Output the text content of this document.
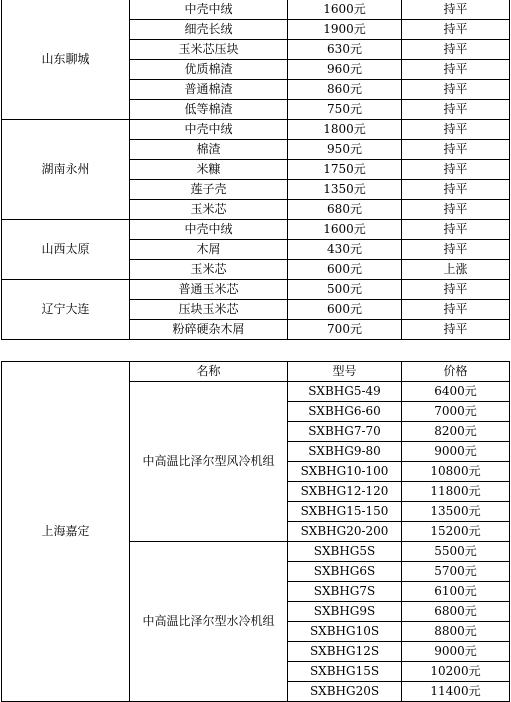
山东聊城	中壳中绒	1600元	持平
	细壳长绒	1900元	持平
	玉米芯压块	630元	持平
	优质棉渣	960元	持平
	普通棉渣	860元	持平
	低等棉渣	750元	持平
湖南永州	中壳中绒	1800元	持平
	棉渣	950元	持平
	米糠	1750元	持平
	莲子壳	1350元	持平
	玉米芯	680元	持平
山西太原	中壳中绒	1600元	持平
	木屑	430元	持平
	玉米芯	600元	上涨
辽宁大连	普通玉米芯	500元	持平
	压块玉米芯	600元	持平
	粉碎硬杂木屑	700元	持平
上海嘉定	名称	型号	价格
	中高温比泽尔型风冷机组	SXBHG5-49	6400元
		SXBHG6-60	7000元
		SXBHG7-70	8200元
		SXBHG9-80	9000元
		SXBHG10-100	10800元
		SXBHG12-120	11800元
		SXBHG15-150	13500元
		SXBHG20-200	15200元
	中高温比泽尔型水冷机组	SXBHG5S	5500元
		SXBHG6S	5700元
		SXBHG7S	6100元
		SXBHG9S	6800元
		SXBHG10S	8800元
		SXBHG12S	9000元
		SXBHG15S	10200元
		SXBHG20S	11400元
